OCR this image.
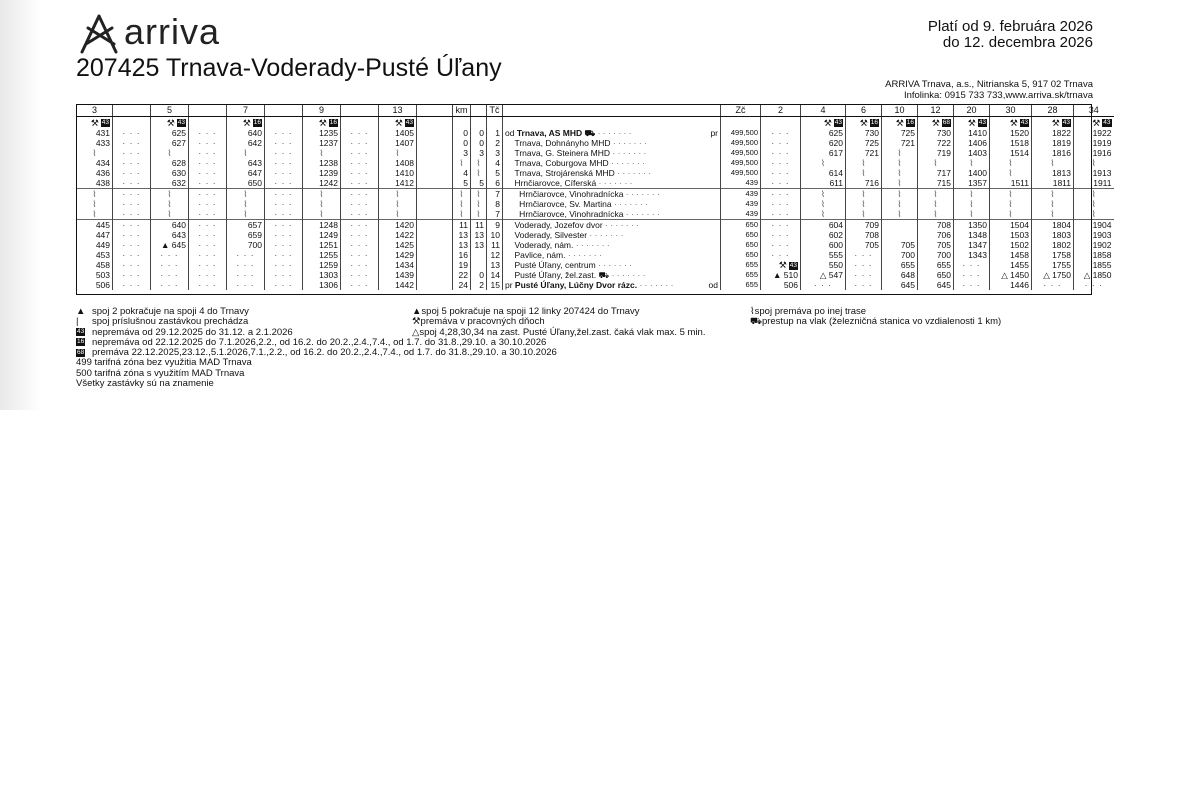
arriva
207425 Trnava-Voderady-Pusté Úľany
Platí od 9. februára 2026
do 12. decembra 2026
ARRIVA Trnava, a.s., Nitrianska 5, 917 02 Trnava
Infolinka: 0915 733 733,www.arriva.sk/trnava
3		5		7		9		13		km		Tč		Zč	2	4	6	10	12	20	30	28	34
⚒ 43		⚒ 43		⚒ 16		⚒ 16		⚒ 43								⚒ 43	⚒ 16	⚒ 16	⚒ 68	⚒ 43	⚒ 43	⚒ 43	⚒ 43
431	· · ·	625	· · ·	640	· · ·	1235	· · ·	1405		0	0	1	od Trnava, AS MHD ⛟ · · · · · · · pr	499,500	· · ·	625	730	725	730	1410	1520	1822	1922
433	· · ·	627	· · ·	642	· · ·	1237	· · ·	1407		0	0	2	Trnava, Dohnányho MHD · · · · · · ·	499,500	· · ·	620	725	721	722	1406	1518	1819	1919
⌇	· · ·	⌇	· · ·	⌇	· · ·	⌇	· · ·	⌇		3	3	3	Trnava, G. Steinera MHD · · · · · · ·	499,500	· · ·	617	721	⌇	719	1403	1514	1816	1916
434	· · ·	628	· · ·	643	· · ·	1238	· · ·	1408		⌇	⌇	4	Trnava, Coburgova MHD · · · · · · ·	499,500	· · ·	⌇	⌇	⌇	⌇	⌇	⌇	⌇	⌇
436	· · ·	630	· · ·	647	· · ·	1239	· · ·	1410		4	⌇	5	Trnava, Strojárenská MHD · · · · · · ·	499,500	· · ·	614	⌇	⌇	717	1400	⌇	1813	1913
438	· · ·	632	· · ·	650	· · ·	1242	· · ·	1412		5	5	6	Hrnčiarovce, Cíferská · · · · · · ·	439	· · ·	611	716	⌇	715	1357	1511	1811	1911
⌇	· · ·	⌇	· · ·	⌇	· · ·	⌇	· · ·	⌇		⌇	⌇	7	Hrnčiarovce, Vinohradnícka · · · · · · ·	439	· · ·	⌇	⌇	⌇	⌇	⌇	⌇	⌇	⌇
⌇	· · ·	⌇	· · ·	⌇	· · ·	⌇	· · ·	⌇		⌇	⌇	8	Hrnčiarovce, Sv. Martina · · · · · · ·	439	· · ·	⌇	⌇	⌇	⌇	⌇	⌇	⌇	⌇
⌇	· · ·	⌇	· · ·	⌇	· · ·	⌇	· · ·	⌇		⌇	⌇	7	Hrnčiarovce, Vinohradnícka · · · · · · ·	439	· · ·	⌇	⌇	⌇	⌇	⌇	⌇	⌇	⌇
445	· · ·	640	· · ·	657	· · ·	1248	· · ·	1420		11	11	9	Voderady, Jozefov dvor · · · · · · ·	650	· · ·	604	709		708	1350	1504	1804	1904
447	· · ·	643	· · ·	659	· · ·	1249	· · ·	1422		13	13	10	Voderady, Silvester · · · · · · ·	650	· · ·	602	708		706	1348	1503	1803	1903
449	· · ·	▲ 645	· · ·	700	· · ·	1251	· · ·	1425		13	13	11	Voderady, nám. · · · · · · ·	650	· · ·	600	705	705	705	1347	1502	1802	1902
453	· · ·	· · ·	· · ·	· · ·	· · ·	1255	· · ·	1429		16		12	Pavlice, nám. · · · · · · ·	650	· · ·	555	· · ·	700	700	1343	1458	1758	1858
458	· · ·	· · ·	· · ·	· · ·	· · ·	1259	· · ·	1434		19		13	Pusté Úľany, centrum · · · · · · ·	655	⚒ 43	550	· · ·	655	655	· · ·	1455	1755	1855
503	· · ·	· · ·	· · ·	· · ·	· · ·	1303	· · ·	1439		22	0	14	Pusté Úľany, žel.zast. ⛟ · · · · · · ·	655	▲ 510	△ 547	· · ·	648	650	· · ·	△ 1450	△ 1750	△ 1850
506	· · ·	· · ·	· · ·	· · ·	· · ·	1306	· · ·	1442		24	2	15	pr Pusté Úľany, Lúčny Dvor rázc. · · · · · · · od	655	506	· · ·	· · ·	645	645	· · ·	1446	· · ·	· · ·
▲ spoj 2 pokračuje na spoji 4 do Trnavy
| spoj príslušnou zastávkou prechádza
43 nepremáva od 29.12.2025 do 31.12. a 2.1.2026
16 nepremáva od 22.12.2025 do 7.1.2026,2.2., od 16.2. do 20.2.,2.4.,7.4., od 1.7. do 31.8.,29.10. a 30.10.2026
68 premáva 22.12.2025,23.12.,5.1.2026,7.1.,2.2., od 16.2. do 20.2.,2.4.,7.4., od 1.7. do 31.8.,29.10. a 30.10.2026
499 tarifná zóna bez využitia MAD Trnava
500 tarifná zóna s využitím MAD Trnava
Všetky zastávky sú na znamenie
▲spoj 5 pokračuje na spoji 12 linky 207424 do Trnavy
⚒premáva v pracovných dňoch
△spoj 4,28,30,34 na zast. Pusté Úľany,žel.zast. čaká vlak max. 5 min.
⌇spoj premáva po inej trase
⛟prestup na vlak (železničná stanica vo vzdialenosti 1 km)
